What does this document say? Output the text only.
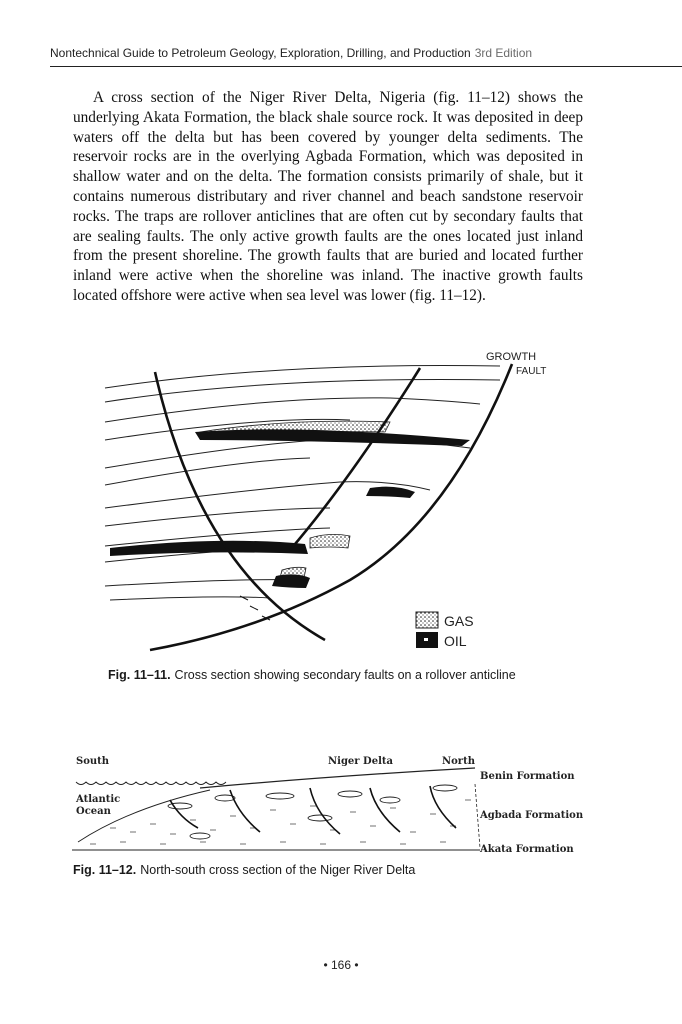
Nontechnical Guide to Petroleum Geology, Exploration, Drilling, and Production 3rd Edition

A cross section of the Niger River Delta, Nigeria (fig. 11–12) shows the underlying Akata Formation, the black shale source rock. It was deposited in deep waters off the delta but has been covered by younger delta sediments. The reservoir rocks are in the overlying Agbada Formation, which was deposited in shallow water and on the delta. The formation consists primarily of shale, but it contains numerous distributary and river channel and beach sandstone reservoir rocks. The traps are rollover anticlines that are often cut by secondary faults that are sealing faults. The only active growth faults are the ones located just inland from the present shoreline. The growth faults that are buried and located further inland were active when the shoreline was inland. The inactive growth faults located offshore were active when sea level was lower (fig. 11–12).

GROWTH
FAULT
GAS
OIL
Fig. 11–11. Cross section showing secondary faults on a rollover anticline
South	Niger Delta	North
Atlantic
Ocean
Benin Formation
Agbada Formation
Akata Formation
Fig. 11–12. North-south cross section of the Niger River Delta
• 166 •
